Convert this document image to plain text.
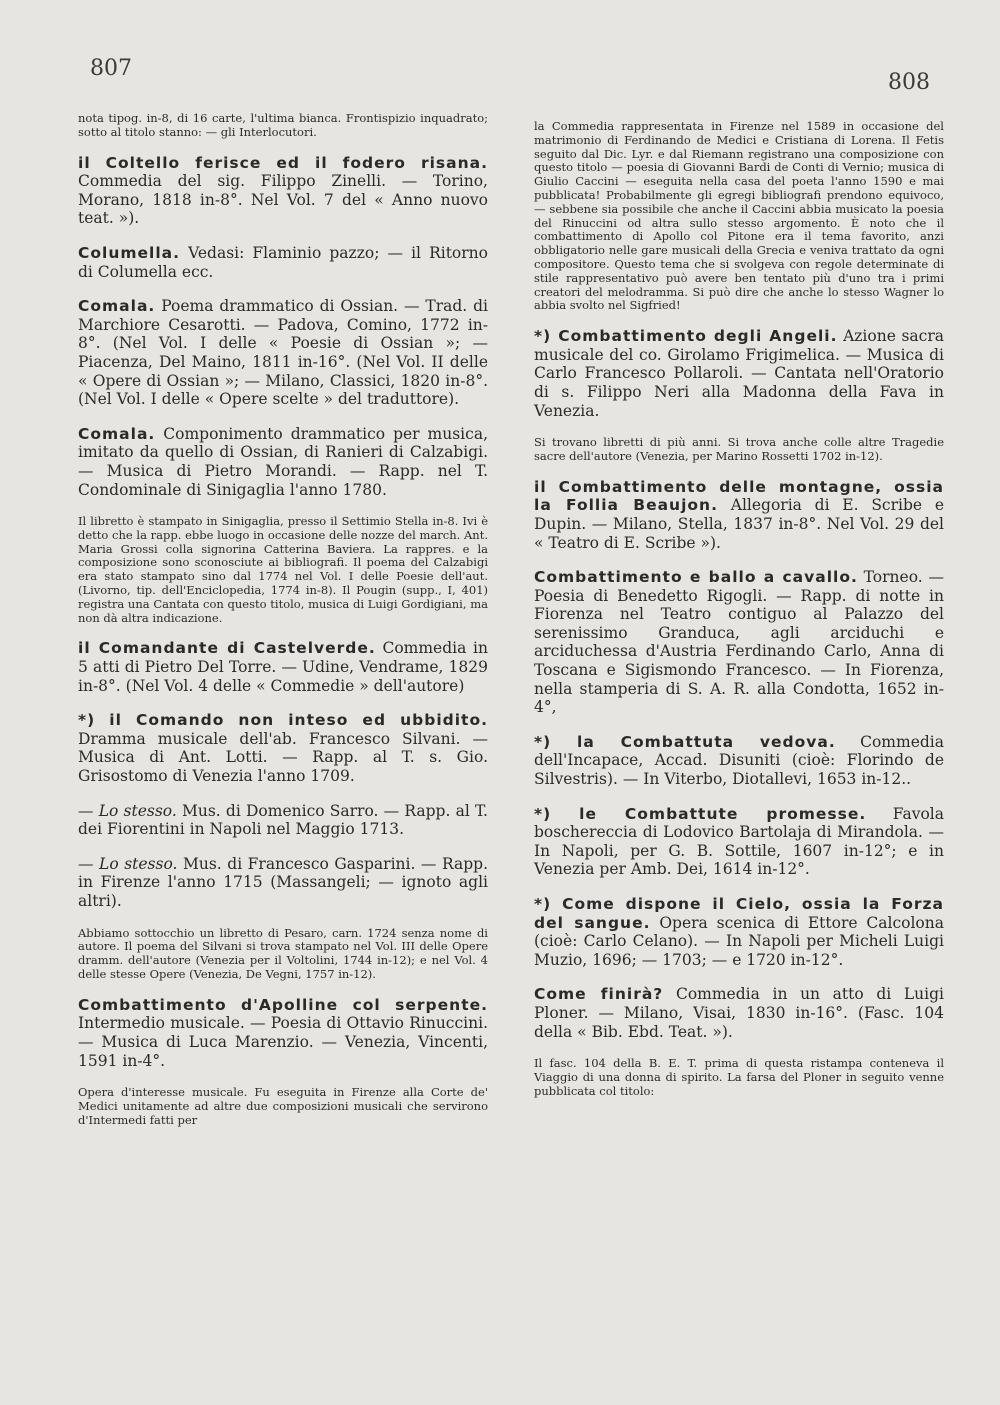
807
808

nota tipog. in-8, di 16 carte, l'ultima bianca. Frontispizio inquadrato; sotto al titolo stanno: — gli Interlocutori.

il Coltello ferisce ed il fodero risana. Commedia del sig. Filippo Zinelli. — Torino, Morano, 1818 in-8°. Nel Vol. 7 del « Anno nuovo teat. »).

Columella. Vedasi: Flaminio pazzo; — il Ritorno di Columella ecc.

Comala. Poema drammatico di Ossian. — Trad. di Marchiore Cesarotti. — Padova, Comino, 1772 in-8°. (Nel Vol. I delle « Poesie di Ossian »; — Piacenza, Del Maino, 1811 in-16°. (Nel Vol. II delle « Opere di Ossian »; — Milano, Classici, 1820 in-8°. (Nel Vol. I delle « Opere scelte » del traduttore).

Comala. Componimento drammatico per musica, imitato da quello di Ossian, di Ranieri di Calzabigi. — Musica di Pietro Morandi. — Rapp. nel T. Condominale di Sinigaglia l'anno 1780.

Il libretto è stampato in Sinigaglia, presso il Settimio Stella in-8. Ivi è detto che la rapp. ebbe luogo in occasione delle nozze del march. Ant. Maria Grossi colla signorina Catterina Baviera. La rappres. e la composizione sono sconosciute ai bibliografi. Il poema del Calzabigi era stato stampato sino dal 1774 nel Vol. I delle Poesie dell'aut. (Livorno, tip. dell'Enciclopedia, 1774 in-8). Il Pougin (supp., I, 401) registra una Cantata con questo titolo, musica di Luigi Gordigiani, ma non dà altra indicazione.

il Comandante di Castelverde. Commedia in 5 atti di Pietro Del Torre. — Udine, Vendrame, 1829 in-8°. (Nel Vol. 4 delle « Commedie » dell'autore)

*) il Comando non inteso ed ubbidito. Dramma musicale dell'ab. Francesco Silvani. — Musica di Ant. Lotti. — Rapp. al T. s. Gio. Grisostomo di Venezia l'anno 1709.

— Lo stesso. Mus. di Domenico Sarro. — Rapp. al T. dei Fiorentini in Napoli nel Maggio 1713.

— Lo stesso. Mus. di Francesco Gasparini. — Rapp. in Firenze l'anno 1715 (Massangeli; — ignoto agli altri).

Abbiamo sottocchio un libretto di Pesaro, carn. 1724 senza nome di autore. Il poema del Silvani si trova stampato nel Vol. III delle Opere dramm. dell'autore (Venezia per il Voltolini, 1744 in-12); e nel Vol. 4 delle stesse Opere (Venezia, De Vegni, 1757 in-12).

Combattimento d'Apolline col serpente. Intermedio musicale. — Poesia di Ottavio Rinuccini. — Musica di Luca Marenzio. — Venezia, Vincenti, 1591 in-4°.

Opera d'interesse musicale. Fu eseguita in Firenze alla Corte de' Medici unitamente ad altre due composizioni musicali che servirono d'Intermedi fatti per

la Commedia rappresentata in Firenze nel 1589 in occasione del matrimonio di Ferdinando de Medici e Cristiana di Lorena. Il Fetis seguito dal Dic. Lyr. e dal Riemann registrano una composizione con questo titolo — poesia di Giovanni Bardi de Conti di Vernio; musica di Giulio Caccini — eseguita nella casa del poeta l'anno 1590 e mai pubblicata! Probabilmente gli egregi bibliografi prendono equivoco, — sebbene sia possibile che anche il Caccini abbia musicato la poesia del Rinuccini od altra sullo stesso argomento. È noto che il combattimento di Apollo col Pitone era il tema favorito, anzi obbligatorio nelle gare musicali della Grecia e veniva trattato da ogni compositore. Questo tema che si svolgeva con regole determinate di stile rappresentativo può avere ben tentato più d'uno tra i primi creatori del melodramma. Si può dire che anche lo stesso Wagner lo abbia svolto nel Sigfried!

*) Combattimento degli Angeli. Azione sacra musicale del co. Girolamo Frigimelica. — Musica di Carlo Francesco Pollaroli. — Cantata nell'Oratorio di s. Filippo Neri alla Madonna della Fava in Venezia.

Si trovano libretti di più anni. Si trova anche colle altre Tragedie sacre dell'autore (Venezia, per Marino Rossetti 1702 in-12).

il Combattimento delle montagne, ossia la Follia Beaujon. Allegoria di E. Scribe e Dupin. — Milano, Stella, 1837 in-8°. Nel Vol. 29 del « Teatro di E. Scribe »).

Combattimento e ballo a cavallo. Torneo. — Poesia di Benedetto Rigogli. — Rapp. di notte in Fiorenza nel Teatro contiguo al Palazzo del serenissimo Granduca, agli arciduchi e arciduchessa d'Austria Ferdinando Carlo, Anna di Toscana e Sigismondo Francesco. — In Fiorenza, nella stamperia di S. A. R. alla Condotta, 1652 in-4°,

*) la Combattuta vedova. Commedia dell'Incapace, Accad. Disuniti (cioè: Florindo de Silvestris). — In Viterbo, Diotallevi, 1653 in-12..

*) le Combattute promesse. Favola boschereccia di Lodovico Bartolaja di Mirandola. — In Napoli, per G. B. Sottile, 1607 in-12°; e in Venezia per Amb. Dei, 1614 in-12°.

*) Come dispone il Cielo, ossia la Forza del sangue. Opera scenica di Ettore Calcolona (cioè: Carlo Celano). — In Napoli per Micheli Luigi Muzio, 1696; — 1703; — e 1720 in-12°.

Come finirà? Commedia in un atto di Luigi Ploner. — Milano, Visai, 1830 in-16°. (Fasc. 104 della « Bib. Ebd. Teat. »).

Il fasc. 104 della B. E. T. prima di questa ristampa conteneva il Viaggio di una donna di spirito. La farsa del Ploner in seguito venne pubblicata col titolo:
